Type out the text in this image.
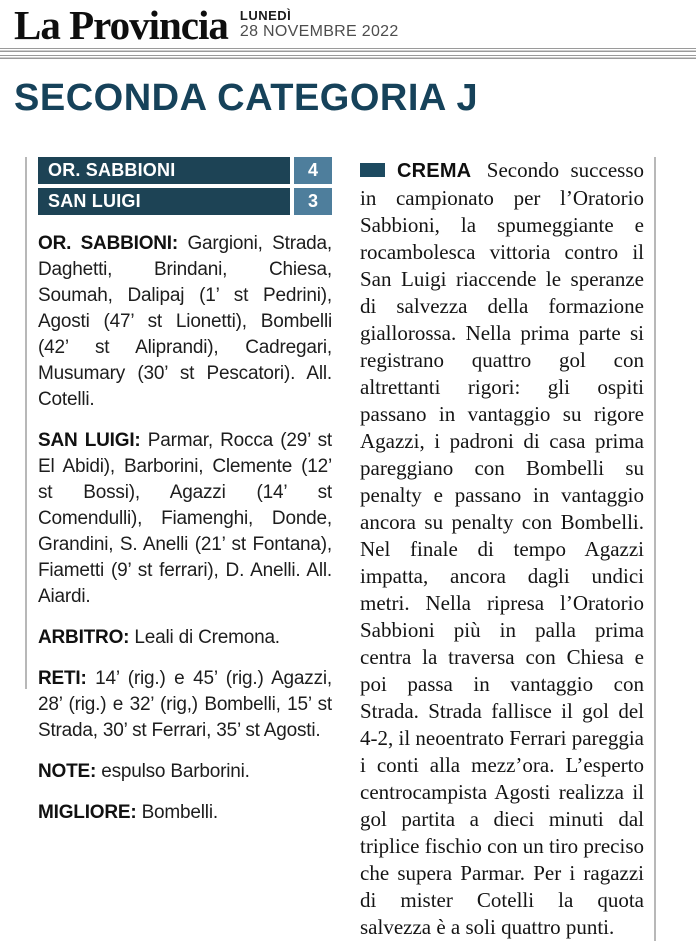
La Provincia LUNEDÌ
28 NOVEMBRE 2022
SECONDA CATEGORIA J
OR. SABBIONI	4
SAN LUIGI	3

OR. SABBIONI: Gargioni, Strada, Daghetti, Brindani, Chiesa, Soumah, Dalipaj (1’ st Pedrini), Agosti (47’ st Lionetti), Bombelli (42’ st Aliprandi), Cadregari, Musumary (30’ st Pescatori). All. Cotelli.

SAN LUIGI: Parmar, Rocca (29’ st El Abidi), Barborini, Clemente (12’ st Bossi), Agazzi (14’ st Comendulli), Fiamenghi, Donde, Grandini, S. Anelli (21’ st Fontana), Fiametti (9’ st ferrari), D. Anelli. All. Aiardi.

ARBITRO: Leali di Cremona.

RETI: 14’ (rig.) e 45’ (rig.) Agazzi, 28’ (rig.) e 32’ (rig,) Bombelli, 15’ st Strada, 30’ st Ferrari, 35’ st Agosti.

NOTE: espulso Barborini.

MIGLIORE: Bombelli.

CREMA Secondo successo in campionato per l’Oratorio Sabbioni, la spumeggiante e rocambolesca vittoria contro il San Luigi riaccende le speranze di salvezza della formazione giallorossa. Nella prima parte si registrano quattro gol con altrettanti rigori: gli ospiti passano in vantaggio su rigore Agazzi, i padroni di casa prima pareggiano con Bombelli su penalty e passano in vantaggio ancora su penalty con Bombelli. Nel finale di tempo Agazzi impatta, ancora dagli undici metri. Nella ripresa l’Oratorio Sabbioni più in palla prima centra la traversa con Chiesa e poi passa in vantaggio con Strada. Strada fallisce il gol del 4-2, il neoentrato Ferrari pareggia i conti alla mezz’ora. L’esperto centrocampista Agosti realizza il gol partita a dieci minuti dal triplice fischio con un tiro preciso che supera Parmar. Per i ragazzi di mister Cotelli la quota salvezza è a soli quattro punti.
